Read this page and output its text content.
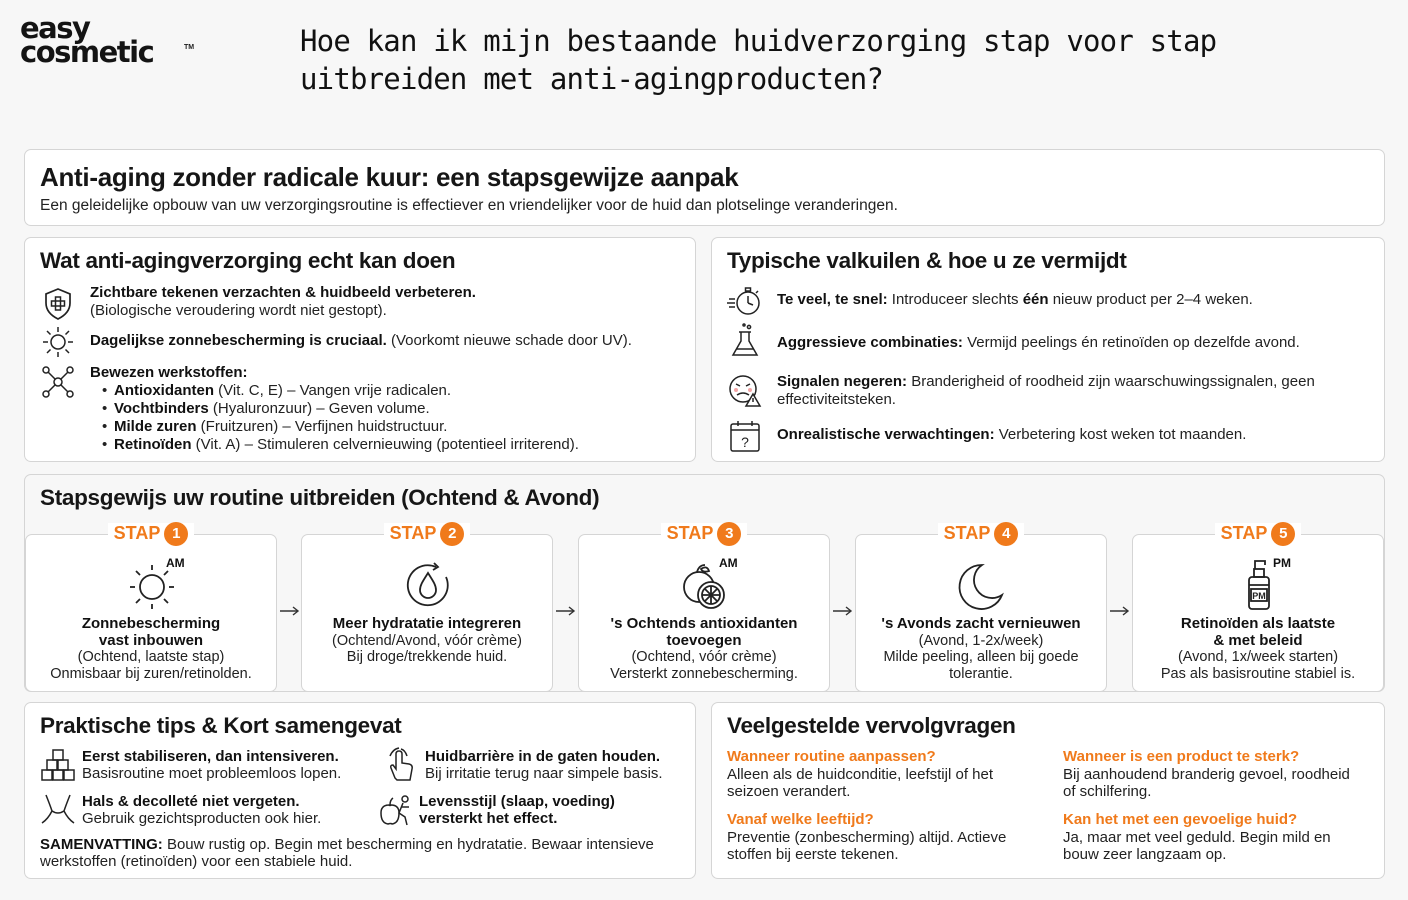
easy
cosmetic	TM	Hoe kan ik mijn bestaande huidverzorging stap voor stap uitbreiden met anti-agingproducten?
Anti-aging zonder radicale kuur: een stapsgewijze aanpak
Een geleidelijke opbouw van uw verzorgingsroutine is effectiever en vriendelijker voor de huid dan plotselinge veranderingen.
Wat anti-agingverzorging echt kan doen
Zichtbare tekenen verzachten & huidbeeld verbeteren.
(Biologische veroudering wordt niet gestopt).
Dagelijkse zonnebescherming is cruciaal. (Voorkomt nieuwe schade door UV).
Bewezen werkstoffen:
• Antioxidanten (Vit. C, E) – Vangen vrije radicalen.
• Vochtbinders (Hyaluronzuur) – Geven volume.
• Milde zuren (Fruitzuren) – Verfijnen huidstructuur.
• Retinoïden (Vit. A) – Stimuleren celvernieuwing (potentieel irriterend).
Typische valkuilen & hoe u ze vermijdt
Te veel, te snel: Introduceer slechts één nieuw product per 2–4 weken.
Aggressieve combinaties: Vermijd peelings én retinoïden op dezelfde avond.
Signalen negeren: Branderigheid of roodheid zijn waarschuwingssignalen, geen effectiviteitsteken.
? Onrealistische verwachtingen: Verbetering kost weken tot maanden.
Stapsgewijs uw routine uitbreiden (Ochtend & Avond)
STAP 1
AM
Zonnebescherming
vast inbouwen
(Ochtend, laatste stap)
Onmisbaar bij zuren/retinolden.
STAP 2
Meer hydratatie integreren
(Ochtend/Avond, vóór crème)
Bij droge/trekkende huid.
STAP 3
AM
's Ochtends antioxidanten
toevoegen
(Ochtend, vóór crème)
Versterkt zonnebescherming.
STAP 4
's Avonds zacht vernieuwen
(Avond, 1-2x/week)
Milde peeling, alleen bij goede tolerantie.
STAP 5
PM
PM
Retinoïden als laatste
& met beleid
(Avond, 1x/week starten)
Pas als basisroutine stabiel is.
Praktische tips & Kort samengevat
Eerst stabiliseren, dan intensiveren.
Basisroutine moet probleemloos lopen.
Huidbarrière in de gaten houden.
Bij irritatie terug naar simpele basis.
Hals & decolleté niet vergeten.
Gebruik gezichtsproducten ook hier.
Levensstijl (slaap, voeding)
versterkt het effect.
SAMENVATTING: Bouw rustig op. Begin met bescherming en hydratatie. Bewaar intensieve werkstoffen (retinoïden) voor een stabiele huid.
Veelgestelde vervolgvragen
Wanneer routine aanpassen?
Alleen als de huidconditie, leefstijl of het seizoen verandert.
Wanneer is een product te sterk?
Bij aanhoudend branderig gevoel, roodheid of schilfering.
Vanaf welke leeftijd?
Preventie (zonbescherming) altijd. Actieve stoffen bij eerste tekenen.
Kan het met een gevoelige huid?
Ja, maar met veel geduld. Begin mild en bouw zeer langzaam op.
